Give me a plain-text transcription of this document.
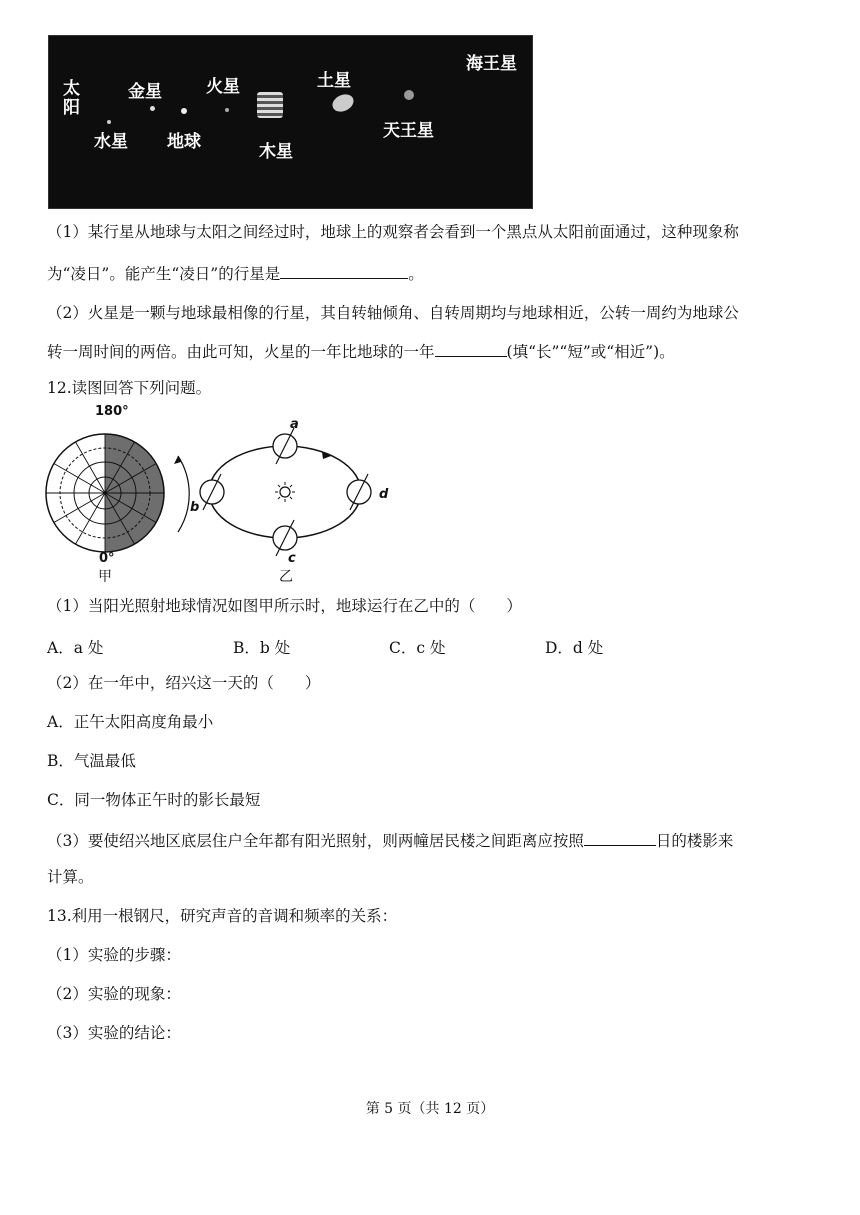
太
阳
金星	火星	土星
海王星
水星 地球	木星
天王星
（1）某行星从地球与太阳之间经过时，地球上的观察者会看到一个黑点从太阳前面通过，这种现象称
为“凌日”。能产生“凌日”的行星是	。
（2）火星是一颗与地球最相像的行星，其自转轴倾角、自转周期均与地球相近，公转一周约为地球公
转一周时间的两倍。由此可知，火星的一年比地球的一年	(填“长”“短”或“相近”)。
12.读图回答下列问题。
180°
0°
a
b
c
d
甲	乙
（1）当阳光照射地球情况如图甲所示时，地球运行在乙中的（　　）
A．a 处	B．b 处	C．c 处	D．d 处
（2）在一年中，绍兴这一天的（　　）
A．正午太阳高度角最小
B．气温最低
C．同一物体正午时的影长最短
（3）要使绍兴地区底层住户全年都有阳光照射，则两幢居民楼之间距离应按照	日的楼影来
计算。
13.利用一根钢尺，研究声音的音调和频率的关系：
（1）实验的步骤：
（2）实验的现象：
（3）实验的结论：
第 5 页（共 12 页）
